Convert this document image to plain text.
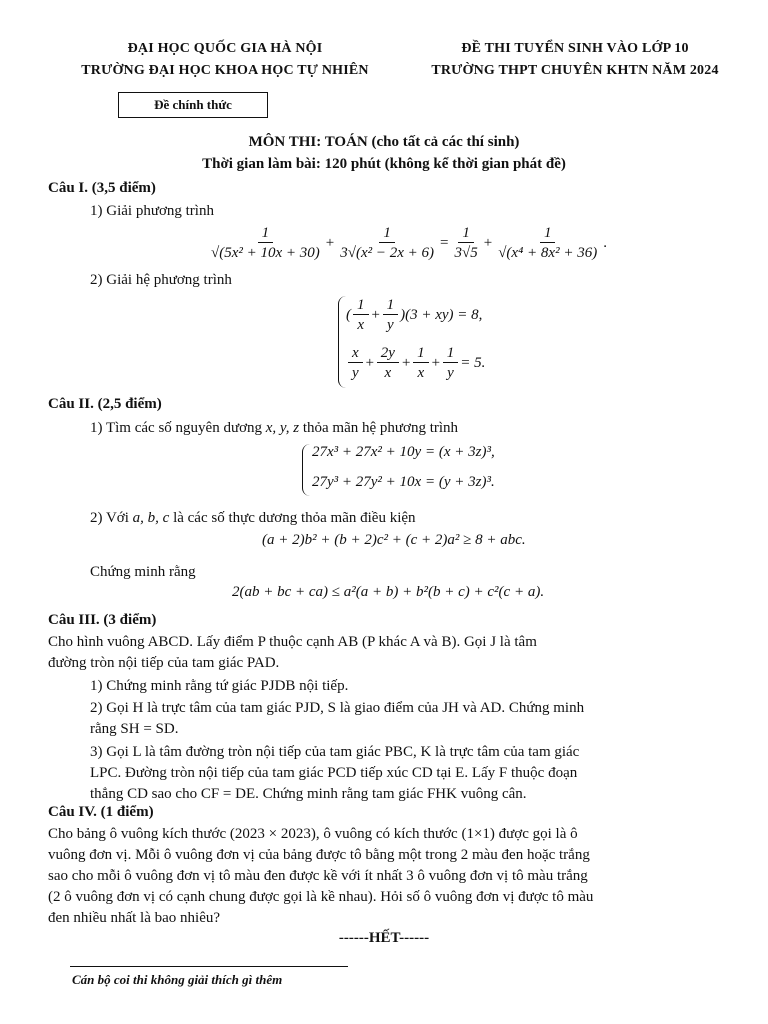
ĐẠI HỌC QUỐC GIA HÀ NỘI
TRƯỜNG ĐẠI HỌC KHOA HỌC TỰ NHIÊN
ĐỀ THI TUYỂN SINH VÀO LỚP 10
TRƯỜNG THPT CHUYÊN KHTN NĂM 2024
Đề chính thức
MÔN THI: TOÁN (cho tất cả các thí sinh)
Thời gian làm bài: 120 phút (không kể thời gian phát đề)
Câu I. (3,5 điểm)
1) Giải phương trình
$\frac{1}{\text{√(5x² + 10x + 30)}} + \frac{1}{\text{3√(x² − 2x + 6)}} = \frac{1}{3√5} + \frac{1}{\text{√(x⁴ + 8x² + 36)}}$ .
2) Giải hệ phương trình
( $\frac{1}{x} + \frac{1}{y} )(3 + xy) = 8$,
$\frac{x}{y} + \frac{2y}{x} + \frac{1}{x} + \frac{1}{y} = 5$.
Câu II. (2,5 điểm)
1) Tìm các số nguyên dương x, y, z thỏa mãn hệ phương trình
27x³ + 27x² + 10y = (x + 3z)³,
27y³ + 27y² + 10x = (y + 3z)³.
2) Với a, b, c là các số thực dương thỏa mãn điều kiện
(a + 2)b² + (b + 2)c² + (c + 2)a² ≥ 8 + abc.
Chứng minh rằng
2(ab + bc + ca) ≤ a²(a + b) + b²(b + c) + c²(c + a).
Câu III. (3 điểm)
Cho hình vuông ABCD. Lấy điểm P thuộc cạnh AB (P khác A và B). Gọi J là tâm
đường tròn nội tiếp của tam giác PAD.
1) Chứng minh rằng tứ giác PJDB nội tiếp.
2) Gọi H là trực tâm của tam giác PJD, S là giao điểm của JH và AD. Chứng minh
rằng SH = SD.
3) Gọi L là tâm đường tròn nội tiếp của tam giác PBC, K là trực tâm của tam giác
LPC. Đường tròn nội tiếp của tam giác PCD tiếp xúc CD tại E. Lấy F thuộc đoạn
thẳng CD sao cho CF = DE. Chứng minh rằng tam giác FHK vuông cân.
Câu IV. (1 điểm)
Cho bảng ô vuông kích thước (2023 × 2023), ô vuông có kích thước (1×1) được gọi là ô
vuông đơn vị. Mỗi ô vuông đơn vị của bảng được tô bằng một trong 2 màu đen hoặc trắng
sao cho mỗi ô vuông đơn vị tô màu đen được kề với ít nhất 3 ô vuông đơn vị tô màu trắng
(2 ô vuông đơn vị có cạnh chung được gọi là kề nhau). Hỏi số ô vuông đơn vị được tô màu
đen nhiều nhất là bao nhiêu?
------HẾT------
Cán bộ coi thi không giải thích gì thêm
